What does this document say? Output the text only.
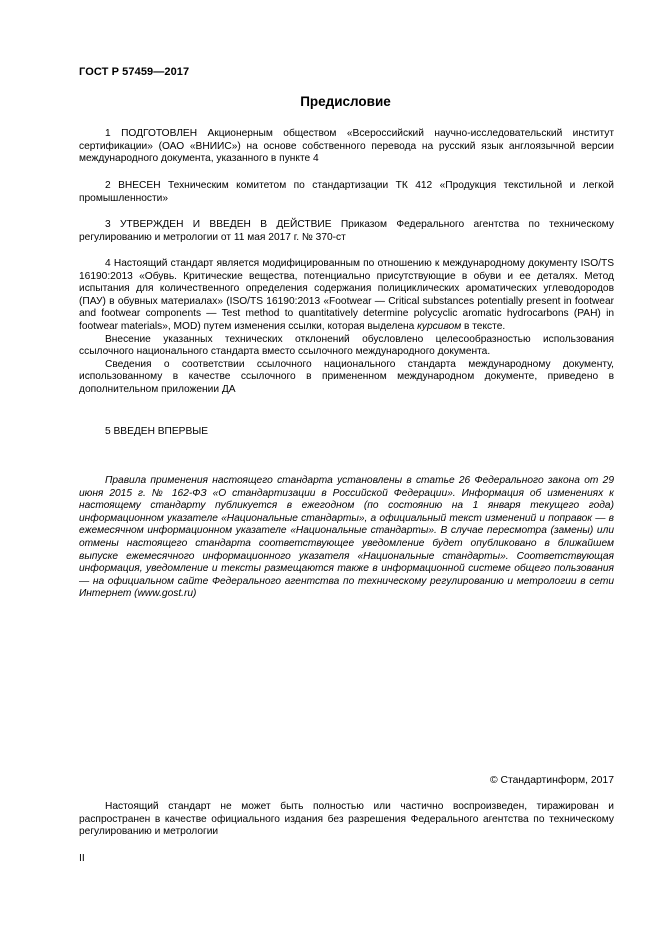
ГОСТ Р 57459—2017
Предисловие

1 ПОДГОТОВЛЕН Акционерным обществом «Всероссийский научно-исследовательский институт сертификации» (ОАО «ВНИИС») на основе собственного перевода на русский язык англоязычной версии международного документа, указанного в пункте 4

2 ВНЕСЕН Техническим комитетом по стандартизации ТК 412 «Продукция текстильной и легкой промышленности»

3 УТВЕРЖДЕН И ВВЕДЕН В ДЕЙСТВИЕ Приказом Федерального агентства по техническому регулированию и метрологии от 11 мая 2017 г. № 370-ст

4 Настоящий стандарт является модифицированным по отношению к международному документу ISO/TS 16190:2013 «Обувь. Критические вещества, потенциально присутствующие в обуви и ее деталях. Метод испытания для количественного определения содержания полициклических ароматических углеводородов (ПАУ) в обувных материалах» (ISO/TS 16190:2013 «Footwear — Critical substances potentially present in footwear and footwear components — Test method to quantitatively determine polycyclic aromatic hydrocarbons (PAH) in footwear materials», MOD) путем изменения ссылки, которая выделена курсивом в тексте.

Внесение указанных технических отклонений обусловлено целесообразностью использования ссылочного национального стандарта вместо ссылочного международного документа.

Сведения о соответствии ссылочного национального стандарта международному документу, использованному в качестве ссылочного в примененном международном документе, приведено в дополнительном приложении ДА

5 ВВЕДЕН ВПЕРВЫЕ

Правила применения настоящего стандарта установлены в статье 26 Федерального закона от 29 июня 2015 г. № 162-ФЗ «О стандартизации в Российской Федерации». Информация об изменениях к настоящему стандарту публикуется в ежегодном (по состоянию на 1 января текущего года) информационном указателе «Национальные стандарты», а официальный текст изменений и поправок — в ежемесячном информационном указателе «Национальные стандарты». В случае пересмотра (замены) или отмены настоящего стандарта соответствующее уведомление будет опубликовано в ближайшем выпуске ежемесячного информационного указателя «Национальные стандарты». Соответствующая информация, уведомление и тексты размещаются также в информационной системе общего пользования — на официальном сайте Федерального агентства по техническому регулированию и метрологии в сети Интернет (www.gost.ru)

© Стандартинформ, 2017

Настоящий стандарт не может быть полностью или частично воспроизведен, тиражирован и распространен в качестве официального издания без разрешения Федерального агентства по техническому регулированию и метрологии

II
